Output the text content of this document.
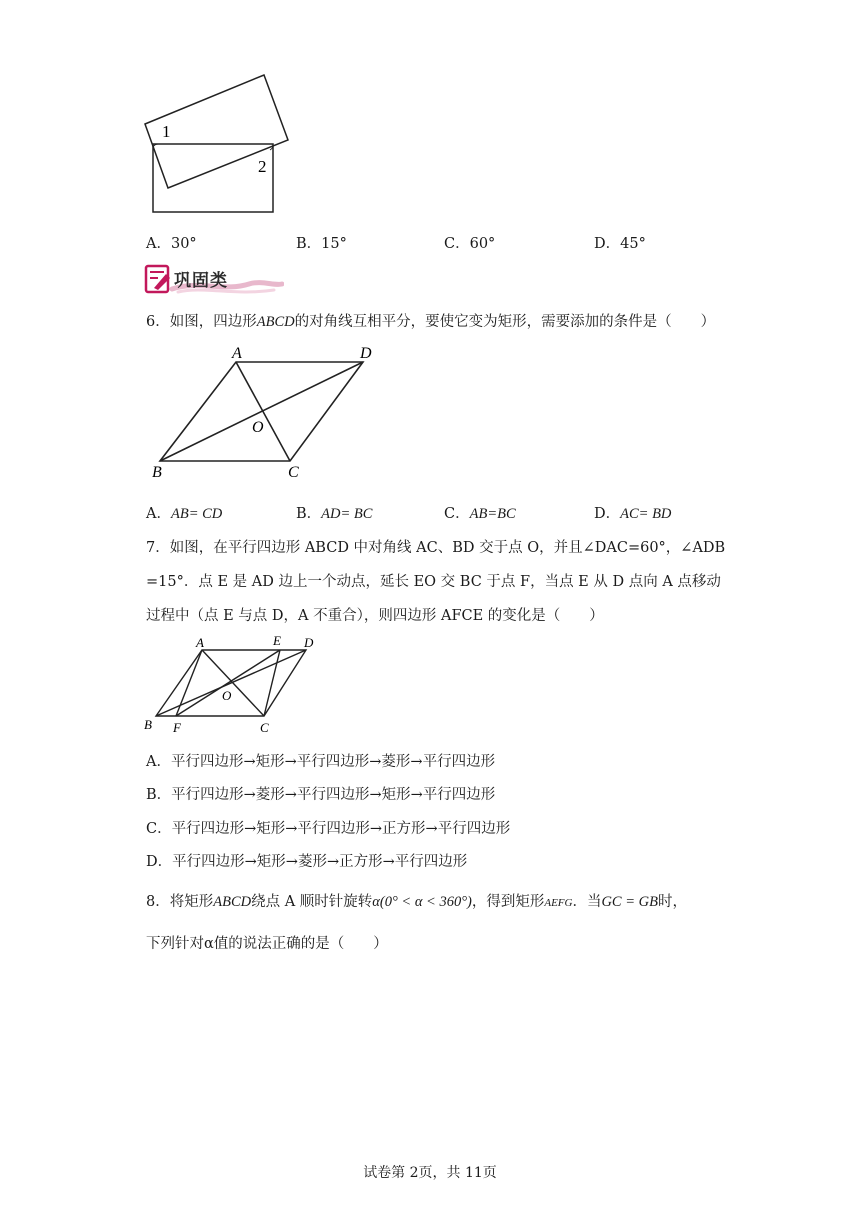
1
2
A．30°	B．15°	C．60°	D．45°
巩固类
6．如图，四边形ABCD的对角线互相平分，要使它变为矩形，需要添加的条件是（　　）
A	D
B	C
O
A．AB= CD	B．AD= BC	C．AB=BC	D．AC= BD
7．如图，在平行四边形 ABCD 中对角线 AC、BD 交于点 O，并且∠DAC=60°，∠ADB
=15°．点 E 是 AD 边上一个动点，延长 EO 交 BC 于点 F，当点 E 从 D 点向 A 点移动
过程中（点 E 与点 D，A 不重合），则四边形 AFCE 的变化是（　　）
A	E D
O
B F	C
A．平行四边形→矩形→平行四边形→菱形→平行四边形
B．平行四边形→菱形→平行四边形→矩形→平行四边形
C．平行四边形→矩形→平行四边形→正方形→平行四边形
D．平行四边形→矩形→菱形→正方形→平行四边形
8．将矩形ABCD绕点 A 顺时针旋转α(0° < α < 360°)，得到矩形AEFG．当GC = GB时，
下列针对α值的说法正确的是（　　）
试卷第 2页，共 11页
